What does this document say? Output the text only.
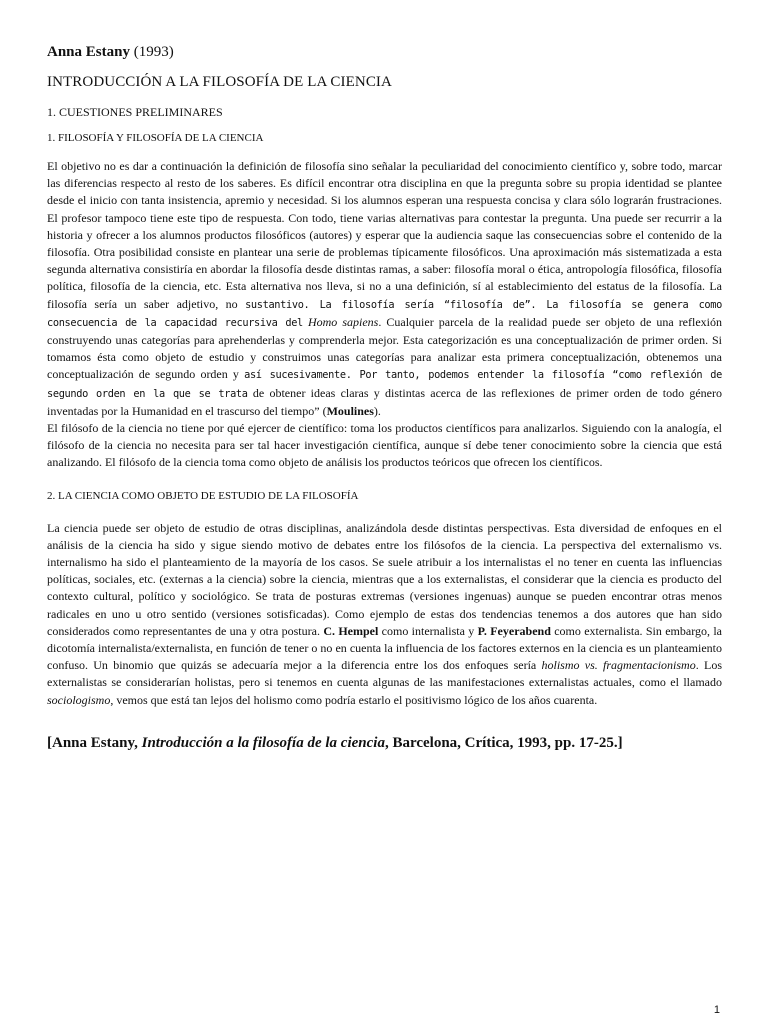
Anna Estany (1993)
INTRODUCCIÓN A LA FILOSOFÍA DE LA CIENCIA
1. CUESTIONES PRELIMINARES
1. FILOSOFÍA Y FILOSOFÍA DE LA CIENCIA

El objetivo no es dar a continuación la definición de filosofía sino señalar la peculiaridad del conocimiento científico y, sobre todo, marcar las diferencias respecto al resto de los saberes. Es difícil encontrar otra disciplina en que la pregunta sobre su propia identidad se plantee desde el inicio con tanta insistencia, apremio y necesidad. Si los alumnos esperan una respuesta concisa y clara sólo lograrán frustraciones. El profesor tampoco tiene este tipo de respuesta. Con todo, tiene varias alternativas para contestar la pregunta. Una puede ser recurrir a la historia y ofrecer a los alumnos productos filosóficos (autores) y esperar que la audiencia saque las consecuencias sobre el contenido de la filosofía. Otra posibilidad consiste en plantear una serie de problemas típicamente filosóficos. Una aproximación más sistematizada a esta segunda alternativa consistiría en abordar la filosofía desde distintas ramas, a saber: filosofía moral o ética, antropología filosófica, filosofía política, filosofía de la ciencia, etc. Esta alternativa nos lleva, si no a una definición, sí al establecimiento del estatus de la filosofía. La filosofía sería un saber adjetivo, no sustantivo. La filosofía sería “filosofía de”. La filosofía se genera como consecuencia de la capacidad recursiva del Homo sapiens. Cualquier parcela de la realidad puede ser objeto de una reflexión construyendo unas categorías para aprehenderlas y comprenderla mejor. Esta categorización es una conceptualización de primer orden. Si tomamos ésta como objeto de estudio y construimos unas categorías para analizar esta primera conceptualización, obtenemos una conceptualización de segundo orden y así sucesivamente. Por tanto, podemos entender la filosofía “como reflexión de segundo orden en la que se trata de obtener ideas claras y distintas acerca de las reflexiones de primer orden de todo género inventadas por la Humanidad en el trascurso del tiempo” (Moulines).

El filósofo de la ciencia no tiene por qué ejercer de científico: toma los productos científicos para analizarlos. Siguiendo con la analogía, el filósofo de la ciencia no necesita para ser tal hacer investigación científica, aunque sí debe tener conocimiento sobre la ciencia que está analizando. El filósofo de la ciencia toma como objeto de análisis los productos teóricos que ofrecen los científicos.

2. LA CIENCIA COMO OBJETO DE ESTUDIO DE LA FILOSOFÍA

La ciencia puede ser objeto de estudio de otras disciplinas, analizándola desde distintas perspectivas. Esta diversidad de enfoques en el análisis de la ciencia ha sido y sigue siendo motivo de debates entre los filósofos de la ciencia. La perspectiva del externalismo vs. internalismo ha sido el planteamiento de la mayoría de los casos. Se suele atribuir a los internalistas el no tener en cuenta las influencias políticas, sociales, etc. (externas a la ciencia) sobre la ciencia, mientras que a los externalistas, el considerar que la ciencia es producto del contexto cultural, político y sociológico. Se trata de posturas extremas (versiones ingenuas) aunque se pueden encontrar otras menos radicales en uno u otro sentido (versiones sotisficadas). Como ejemplo de estas dos tendencias tenemos a dos autores que han sido considerados como representantes de una y otra postura. C. Hempel como internalista y P. Feyerabend como externalista. Sin embargo, la dicotomía internalista/externalista, en función de tener o no en cuenta la influencia de los factores externos en la ciencia es un planteamiento confuso. Un binomio que quizás se adecuaría mejor a la diferencia entre los dos enfoques sería holismo vs. fragmentacionismo. Los externalistas se considerarían holistas, pero si tenemos en cuenta algunas de las manifestaciones externalistas actuales, como el llamado sociologismo, vemos que está tan lejos del holismo como podría estarlo el positivismo lógico de los años cuarenta.

[Anna Estany, Introducción a la filosofía de la ciencia, Barcelona, Crítica, 1993, pp. 17-25.]
1
